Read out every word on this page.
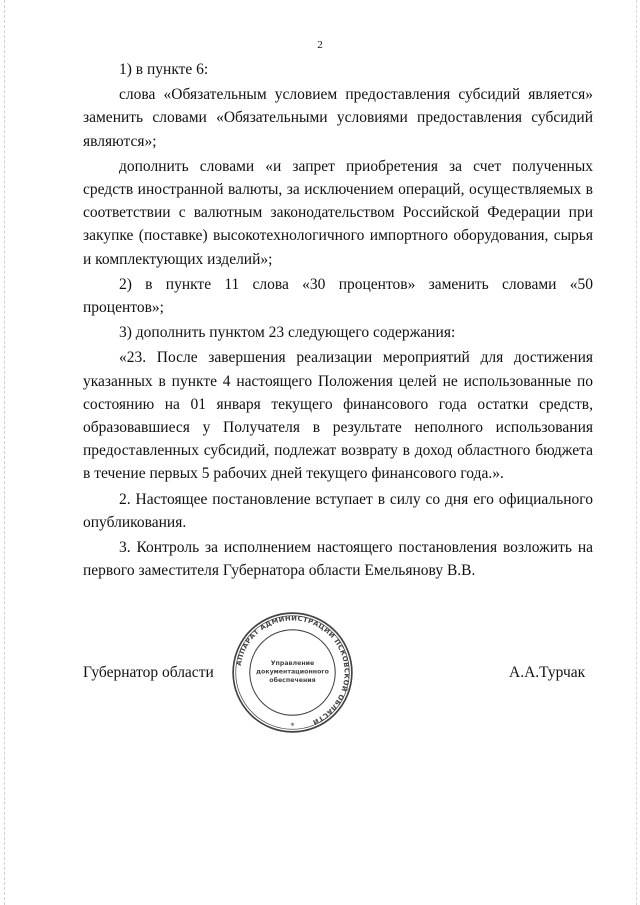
2

1) в пункте 6:

слова «Обязательным условием предоставления субсидий является» заменить словами «Обязательными условиями предоставления субсидий являются»;

дополнить словами «и запрет приобретения за счет полученных средств иностранной валюты, за исключением операций, осуществляемых в соответствии с валютным законодательством Российской Федерации при закупке (поставке) высокотехнологичного импортного оборудования, сырья и комплектующих изделий»;

2) в пункте 11 слова «30 процентов» заменить словами «50 процентов»;

3) дополнить пунктом 23 следующего содержания:

«23. После завершения реализации мероприятий для достижения указанных в пункте 4 настоящего Положения целей не использованные по состоянию на 01 января текущего финансового года остатки средств, образовавшиеся у Получателя в результате неполного использования предоставленных субсидий, подлежат возврату в доход областного бюджета в течение первых 5 рабочих дней текущего финансового года.».

2. Настоящее постановление вступает в силу со дня его официального опубликования.

3. Контроль за исполнением настоящего постановления возложить на первого заместителя Губернатора области Емельянову В.В.

Губернатор области	А.А.Турчак
АППАРАТ АДМИНИСТРАЦИИ ПСКОВСКОЙ ОБЛАСТИ
Управление
документационного
обеспечения
*
